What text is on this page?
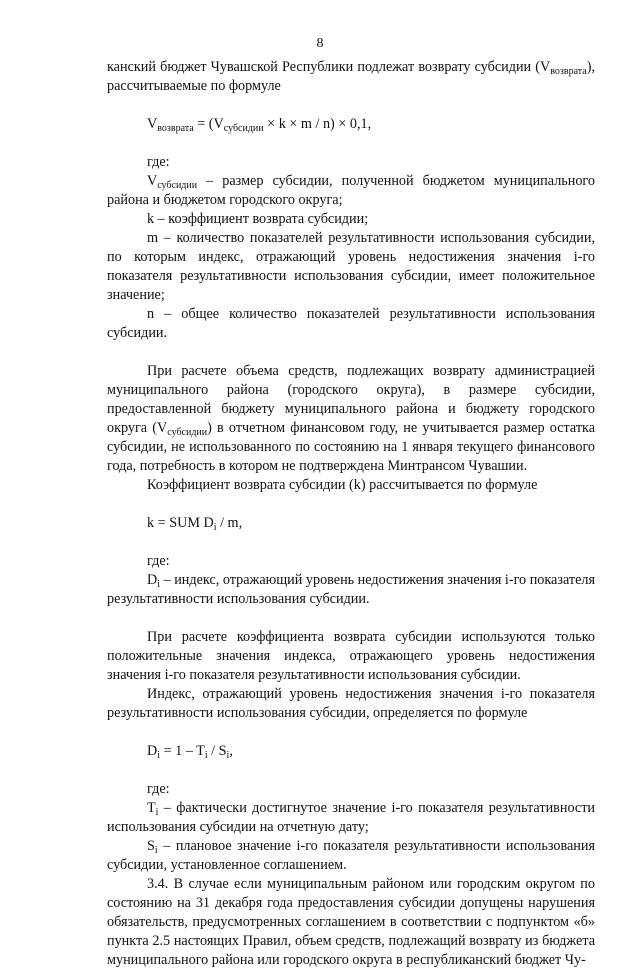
8

канский бюджет Чувашской Республики подлежат возврату субсидии $(V_{возврата})$, рассчитываемые по формуле

$V_{возврата} = (V_{субсидии} \times k \times m / n) \times 0,1$,

где:

$V_{субсидии}$ – размер субсидии, полученной бюджетом муниципального района и бюджетом городского округа;

k – коэффициент возврата субсидии;

m – количество показателей результативности использования субсидии, по которым индекс, отражающий уровень недостижения значения i-го показателя результативности использования субсидии, имеет положительное значение;

n – общее количество показателей результативности использования субсидии.

При расчете объема средств, подлежащих возврату администрацией муниципального района (городского округа), в размере субсидии, предоставленной бюджету муниципального района и бюджету городского округа $(V_{субсидии})$ в отчетном финансовом году, не учитывается размер остатка субсидии, не использованного по состоянию на 1 января текущего финансового года, потребность в котором не подтверждена Минтрансом Чувашии.

Коэффициент возврата субсидии (k) рассчитывается по формуле

k = SUM $D_i$ / m,

где:

$D_i$ – индекс, отражающий уровень недостижения значения i-го показателя результативности использования субсидии.

При расчете коэффициента возврата субсидии используются только положительные значения индекса, отражающего уровень недостижения значения i-го показателя результативности использования субсидии.

Индекс, отражающий уровень недостижения значения i-го показателя результативности использования субсидии, определяется по формуле

$D_i = 1 - T_i / S_i$,

где:

$T_i$ – фактически достигнутое значение i-го показателя результативности использования субсидии на отчетную дату;

$S_i$ – плановое значение i-го показателя результативности использования субсидии, установленное соглашением.

3.4. В случае если муниципальным районом или городским округом по состоянию на 31 декабря года предоставления субсидии допущены нарушения обязательств, предусмотренных соглашением в соответствии с подпунктом «б» пункта 2.5 настоящих Правил, объем средств, подлежащий возврату из бюджета муниципального района или городского округа в республиканский бюджет Чу-
